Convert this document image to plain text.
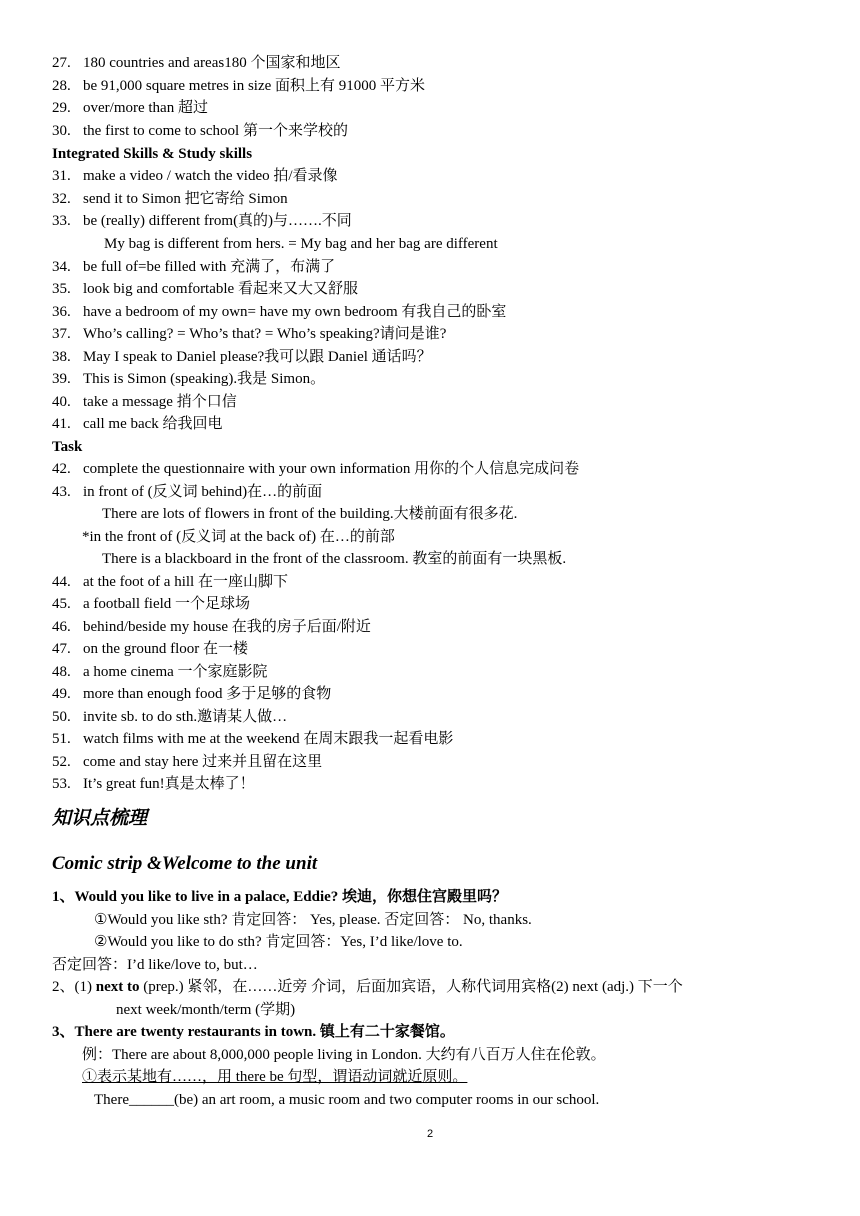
27. 180 countries and areas180 个国家和地区
28. be 91,000 square metres in size 面积上有 91000 平方米
29. over/more than 超过
30. the first to come to school 第一个来学校的
Integrated Skills & Study skills
31. make a video / watch the video 拍/看录像
32. send it to Simon 把它寄给 Simon
33. be (really) different from(真的)与…….不同
My bag is different from hers. = My bag and her bag are different
34. be full of=be filled with 充满了，布满了
35. look big and comfortable 看起来又大又舒服
36. have a bedroom of my own= have my own bedroom 有我自己的卧室
37. Who’s calling? = Who’s that? = Who’s speaking?请问是谁?
38. May I speak to Daniel please?我可以跟 Daniel 通话吗？
39. This is Simon (speaking).我是 Simon。
40. take a message 捎个口信
41. call me back 给我回电
Task
42. complete the questionnaire with your own information 用你的个人信息完成问卷
43. in front of (反义词 behind)在…的前面
There are lots of flowers in front of the building.大楼前面有很多花.
*in the front of (反义词 at the back of) 在…的前部
There is a blackboard in the front of the classroom. 教室的前面有一块黑板.
44. at the foot of a hill 在一座山脚下
45. a football field 一个足球场
46. behind/beside my house 在我的房子后面/附近
47. on the ground floor 在一楼
48. a home cinema 一个家庭影院
49. more than enough food 多于足够的食物
50. invite sb. to do sth.邀请某人做…
51. watch films with me at the weekend 在周末跟我一起看电影
52. come and stay here 过来并且留在这里
53. It’s great fun!真是太棒了！
知识点梳理
Comic strip &Welcome to the unit
1、Would you like to live in a palace, Eddie? 埃迪，你想住宫殿里吗？
①Would you like sth? 肯定回答： Yes, please. 否定回答： No, thanks.
②Would you like to do sth? 肯定回答：Yes, I’d like/love to.
否定回答：I’d like/love to, but…
2、(1) next to (prep.) 紧邻，在……近旁 介词，后面加宾语，人称代词用宾格(2) next (adj.) 下一个
next week/month/term (学期)
3、There are twenty restaurants in town. 镇上有二十家餐馆。
例：There are about 8,000,000 people living in London. 大约有八百万人住在伦敦。
①表示某地有……，用 there be 句型，谓语动词就近原则。
There______(be) an art room, a music room and two computer rooms in our school.
2
